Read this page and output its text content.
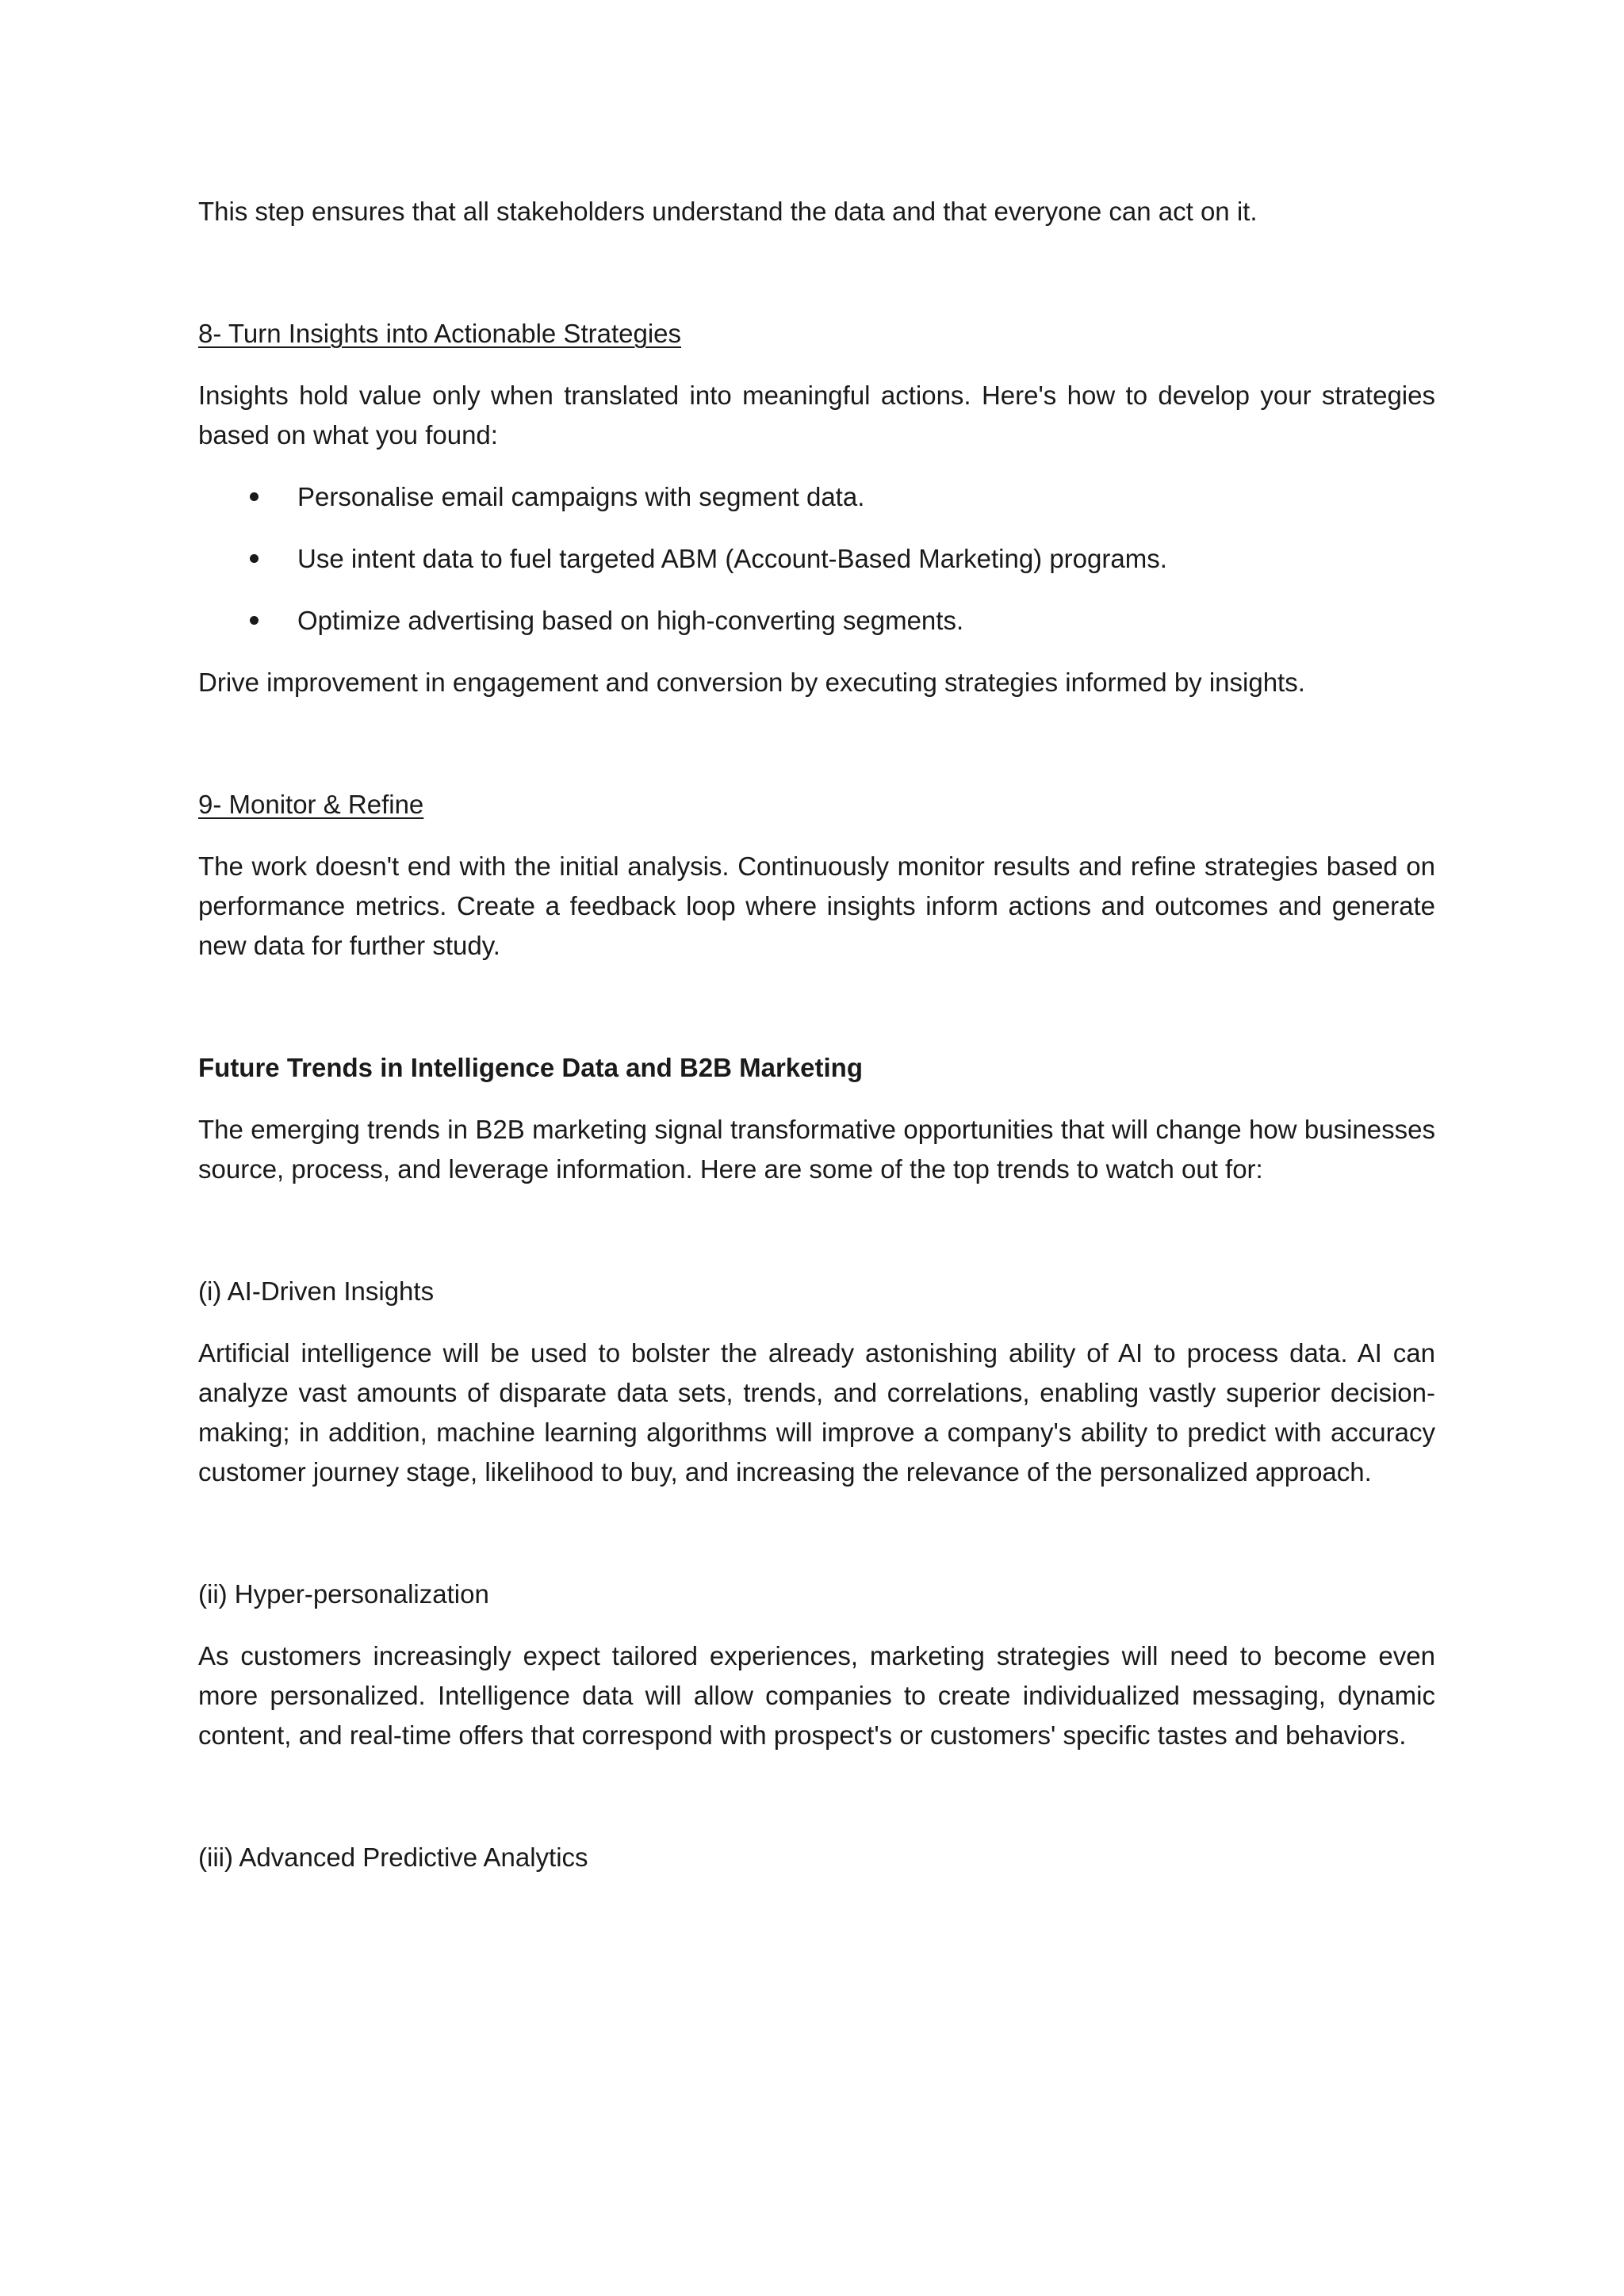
This step ensures that all stakeholders understand the data and that everyone can act on it.

8- Turn Insights into Actionable Strategies

Insights hold value only when translated into meaningful actions. Here's how to develop your strategies based on what you found:

Personalise email campaigns with segment data.
Use intent data to fuel targeted ABM (Account-Based Marketing) programs.
Optimize advertising based on high-converting segments.

Drive improvement in engagement and conversion by executing strategies informed by insights.

9- Monitor & Refine

The work doesn't end with the initial analysis. Continuously monitor results and refine strategies based on performance metrics. Create a feedback loop where insights inform actions and outcomes and generate new data for further study.

Future Trends in Intelligence Data and B2B Marketing

The emerging trends in B2B marketing signal transformative opportunities that will change how businesses source, process, and leverage information. Here are some of the top trends to watch out for:

(i) AI-Driven Insights

Artificial intelligence will be used to bolster the already astonishing ability of AI to process data. AI can analyze vast amounts of disparate data sets, trends, and correlations, enabling vastly superior decision-making; in addition, machine learning algorithms will improve a company's ability to predict with accuracy customer journey stage, likelihood to buy, and increasing the relevance of the personalized approach.

(ii) Hyper-personalization

As customers increasingly expect tailored experiences, marketing strategies will need to become even more personalized. Intelligence data will allow companies to create individualized messaging, dynamic content, and real-time offers that correspond with prospect's or customers' specific tastes and behaviors.

(iii) Advanced Predictive Analytics
